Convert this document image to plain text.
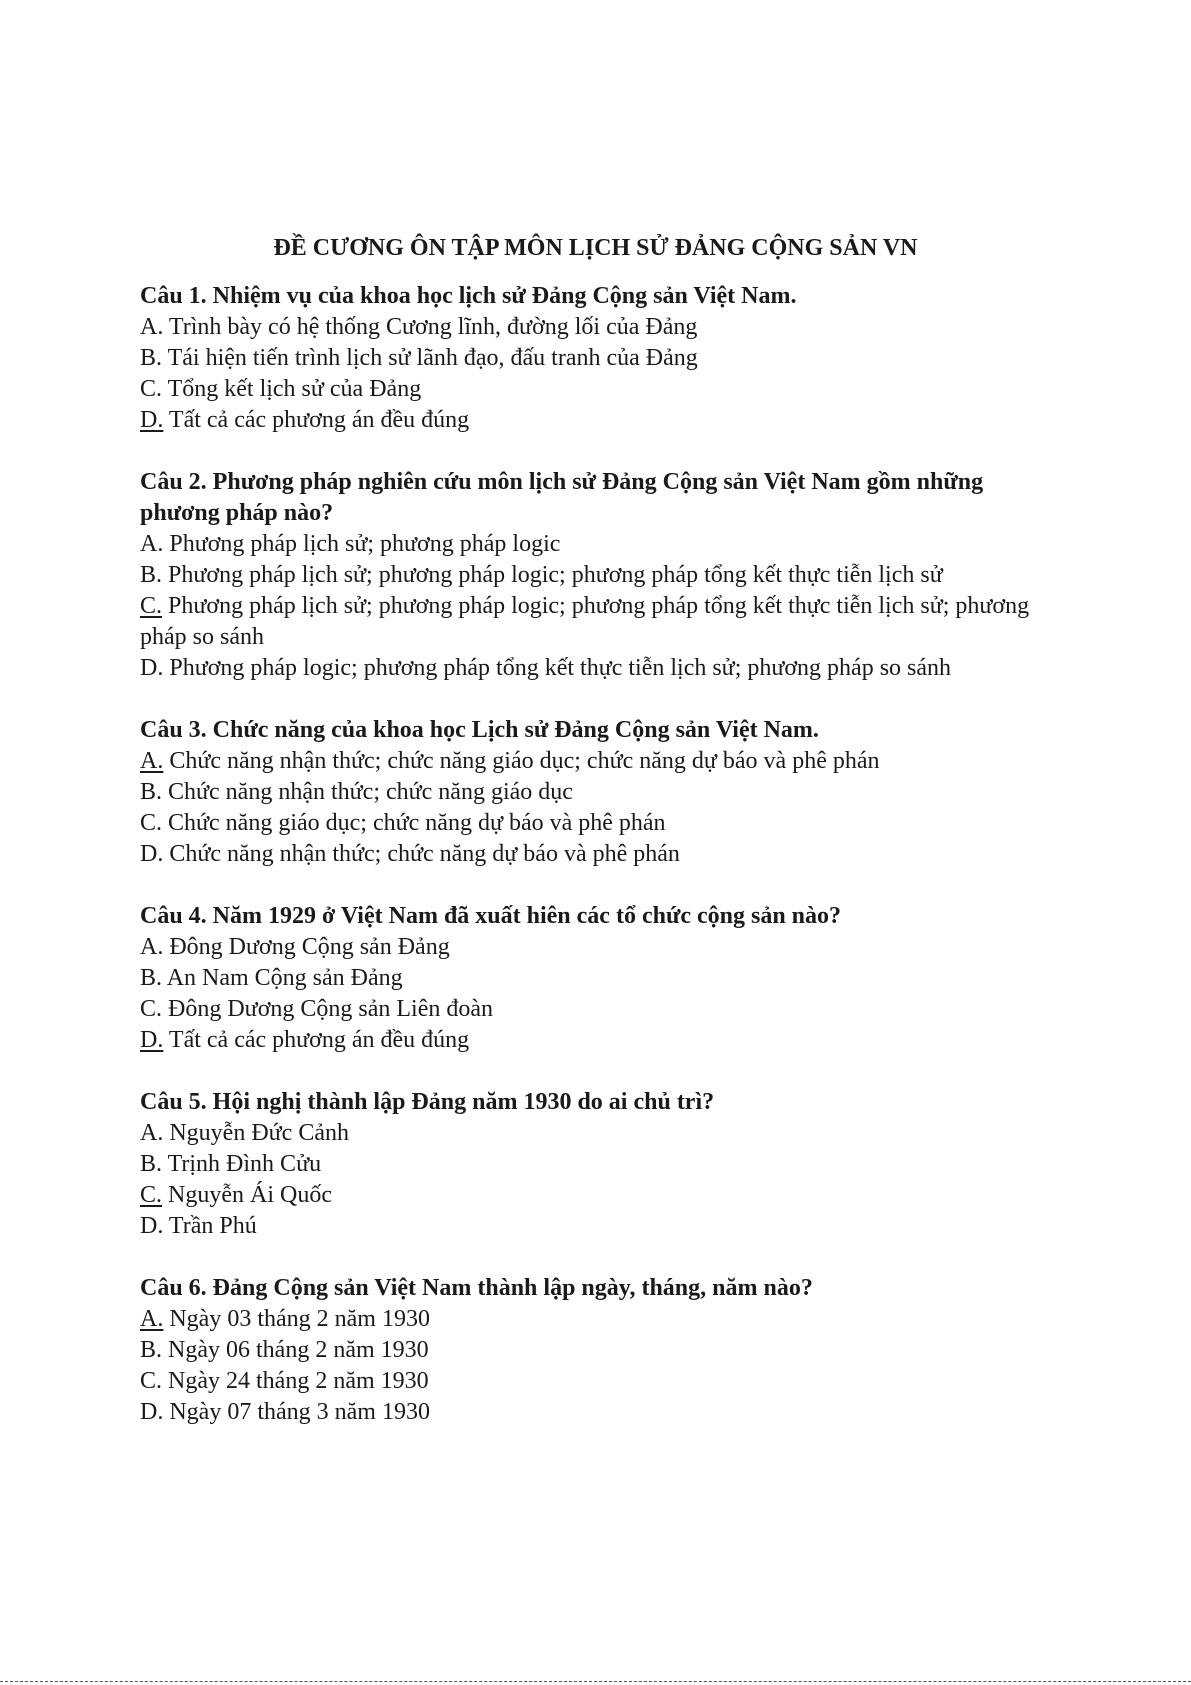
ĐỀ CƯƠNG ÔN TẬP MÔN LỊCH SỬ ĐẢNG CỘNG SẢN VN

Câu 1. Nhiệm vụ của khoa học lịch sử Đảng Cộng sản Việt Nam.

A. Trình bày có hệ thống Cương lĩnh, đường lối của Đảng

B. Tái hiện tiến trình lịch sử lãnh đạo, đấu tranh của Đảng

C. Tổng kết lịch sử của Đảng

D. Tất cả các phương án đều đúng

Câu 2. Phương pháp nghiên cứu môn lịch sử Đảng Cộng sản Việt Nam gồm những phương pháp nào?

A. Phương pháp lịch sử; phương pháp logic

B. Phương pháp lịch sử; phương pháp logic; phương pháp tổng kết thực tiễn lịch sử

C. Phương pháp lịch sử; phương pháp logic; phương pháp tổng kết thực tiễn lịch sử; phương pháp so sánh

D. Phương pháp logic; phương pháp tổng kết thực tiễn lịch sử; phương pháp so sánh

Câu 3. Chức năng của khoa học Lịch sử Đảng Cộng sản Việt Nam.

A. Chức năng nhận thức; chức năng giáo dục; chức năng dự báo và phê phán

B. Chức năng nhận thức; chức năng giáo dục

C. Chức năng giáo dục; chức năng dự báo và phê phán

D. Chức năng nhận thức; chức năng dự báo và phê phán

Câu 4. Năm 1929 ở Việt Nam đã xuất hiên các tổ chức cộng sản nào?

A. Đông Dương Cộng sản Đảng

B. An Nam Cộng sản Đảng

C. Đông Dương Cộng sản Liên đoàn

D. Tất cả các phương án đều đúng

Câu 5. Hội nghị thành lập Đảng năm 1930 do ai chủ trì?

A. Nguyễn Đức Cảnh

B. Trịnh Đình Cửu

C. Nguyễn Ái Quốc

D. Trần Phú

Câu 6. Đảng Cộng sản Việt Nam thành lập ngày, tháng, năm nào?

A. Ngày 03 tháng 2 năm 1930

B. Ngày 06 tháng 2 năm 1930

C. Ngày 24 tháng 2 năm 1930

D. Ngày 07 tháng 3 năm 1930
